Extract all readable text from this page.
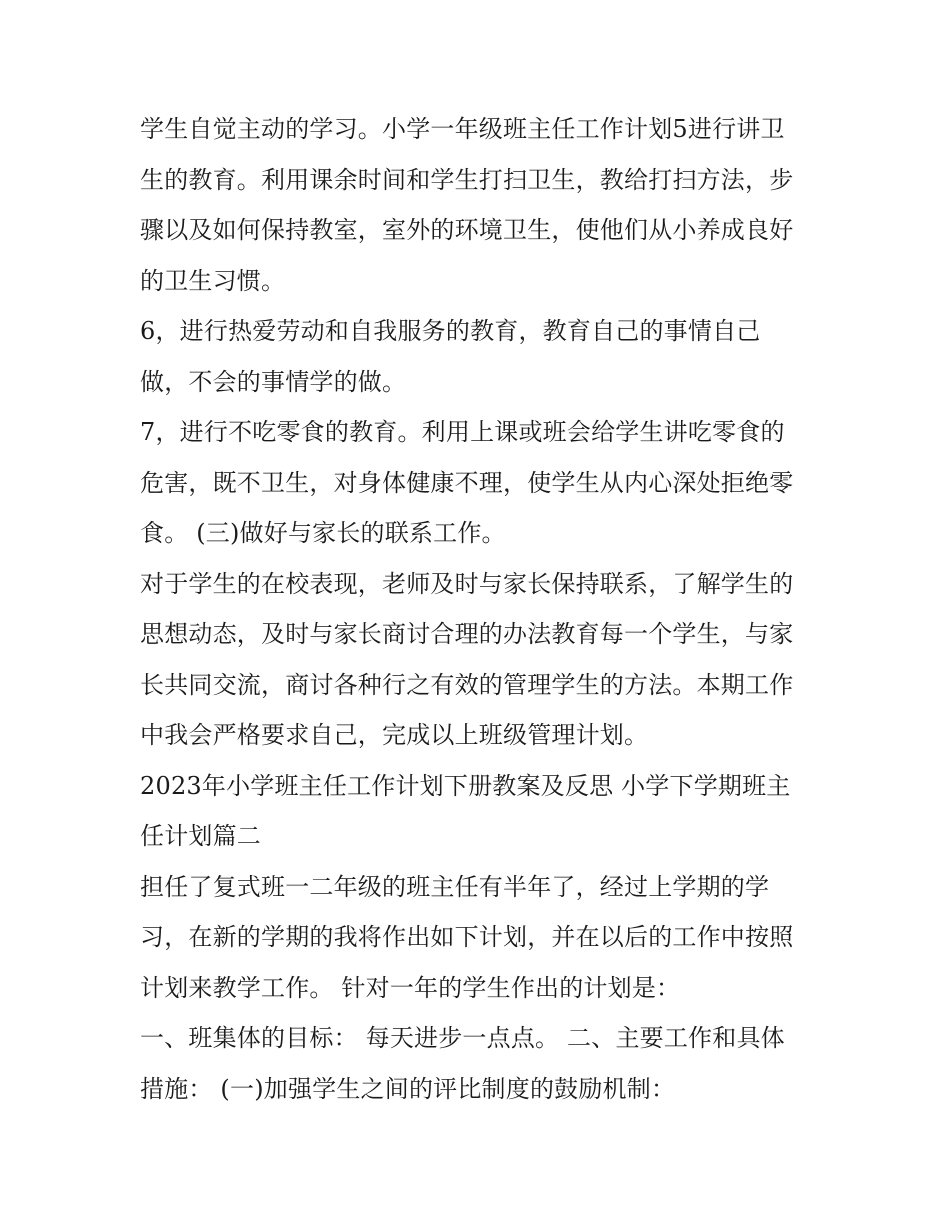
学生自觉主动的学习。小学一年级班主任工作计划5进行讲卫
生的教育。利用课余时间和学生打扫卫生，教给打扫方法，步
骤以及如何保持教室，室外的环境卫生，使他们从小养成良好
的卫生习惯。
6，进行热爱劳动和自我服务的教育，教育自己的事情自己
做，不会的事情学的做。
7，进行不吃零食的教育。利用上课或班会给学生讲吃零食的
危害，既不卫生，对身体健康不理，使学生从内心深处拒绝零
食。 (三)做好与家长的联系工作。
对于学生的在校表现，老师及时与家长保持联系，了解学生的
思想动态，及时与家长商讨合理的办法教育每一个学生，与家
长共同交流，商讨各种行之有效的管理学生的方法。本期工作
中我会严格要求自己，完成以上班级管理计划。
2023年小学班主任工作计划下册教案及反思 小学下学期班主
任计划篇二
担任了复式班一二年级的班主任有半年了，经过上学期的学
习，在新的学期的我将作出如下计划，并在以后的工作中按照
计划来教学工作。 针对一年的学生作出的计划是：
一、班集体的目标： 每天进步一点点。 二、主要工作和具体
措施： (一)加强学生之间的评比制度的鼓励机制：
